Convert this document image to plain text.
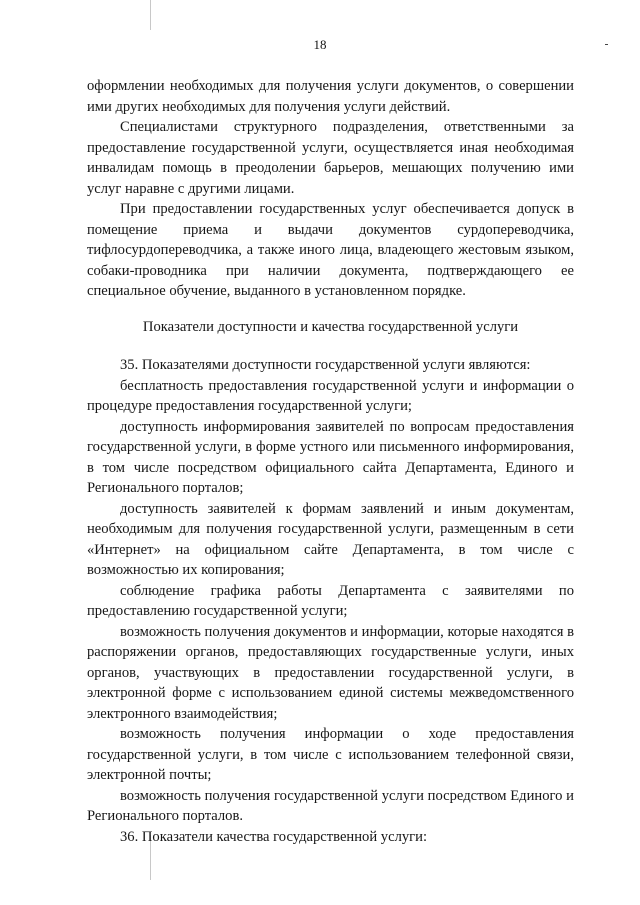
18

оформлении необходимых для получения услуги документов, о совершении ими других необходимых для получения услуги действий.

Специалистами структурного подразделения, ответственными за предоставление государственной услуги, осуществляется иная необходимая инвалидам помощь в преодолении барьеров, мешающих получению ими услуг наравне с другими лицами.

При предоставлении государственных услуг обеспечивается допуск в помещение приема и выдачи документов сурдопереводчика, тифлосурдопереводчика, а также иного лица, владеющего жестовым языком, собаки-проводника при наличии документа, подтверждающего ее специальное обучение, выданного в установленном порядке.

Показатели доступности и качества государственной услуги

35. Показателями доступности государственной услуги являются:

бесплатность предоставления государственной услуги и информации о процедуре предоставления государственной услуги;

доступность информирования заявителей по вопросам предоставления государственной услуги, в форме устного или письменного информирования, в том числе посредством официального сайта Департамента, Единого и Регионального порталов;

доступность заявителей к формам заявлений и иным документам, необходимым для получения государственной услуги, размещенным в сети «Интернет» на официальном сайте Департамента, в том числе с возможностью их копирования;

соблюдение графика работы Департамента с заявителями по предоставлению государственной услуги;

возможность получения документов и информации, которые находятся в распоряжении органов, предоставляющих государственные услуги, иных органов, участвующих в предоставлении государственной услуги, в электронной форме с использованием единой системы межведомственного электронного взаимодействия;

возможность получения информации о ходе предоставления государственной услуги, в том числе с использованием телефонной связи, электронной почты;

возможность получения государственной услуги посредством Единого и Регионального порталов.

36. Показатели качества государственной услуги:
